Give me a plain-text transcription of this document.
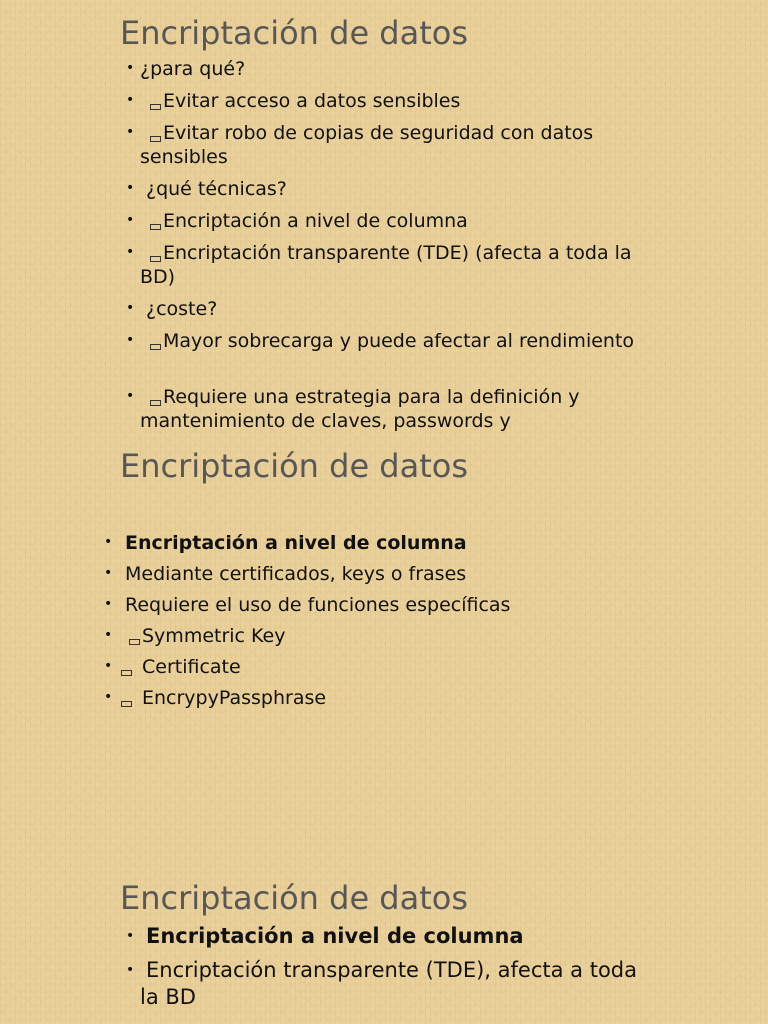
Encriptación de datos
• ¿para qué?
• Evitar acceso a datos sensibles
• Evitar robo de copias de seguridad con datos sensibles
• ¿qué técnicas?
• Encriptación a nivel de columna
• Encriptación transparente (TDE) (afecta a toda la BD)
• ¿coste?
• Mayor sobrecarga y puede afectar al rendimiento
• Requiere una estrategia para la definición y mantenimiento de claves, passwords y
Encriptación de datos
• Encriptación a nivel de columna
• Mediante certificados, keys o frases
• Requiere el uso de funciones específicas
• Symmetric Key
• Certificate
• EncrypyPassphrase
Encriptación de datos
• Encriptación a nivel de columna
• Encriptación transparente (TDE), afecta a toda la BD
